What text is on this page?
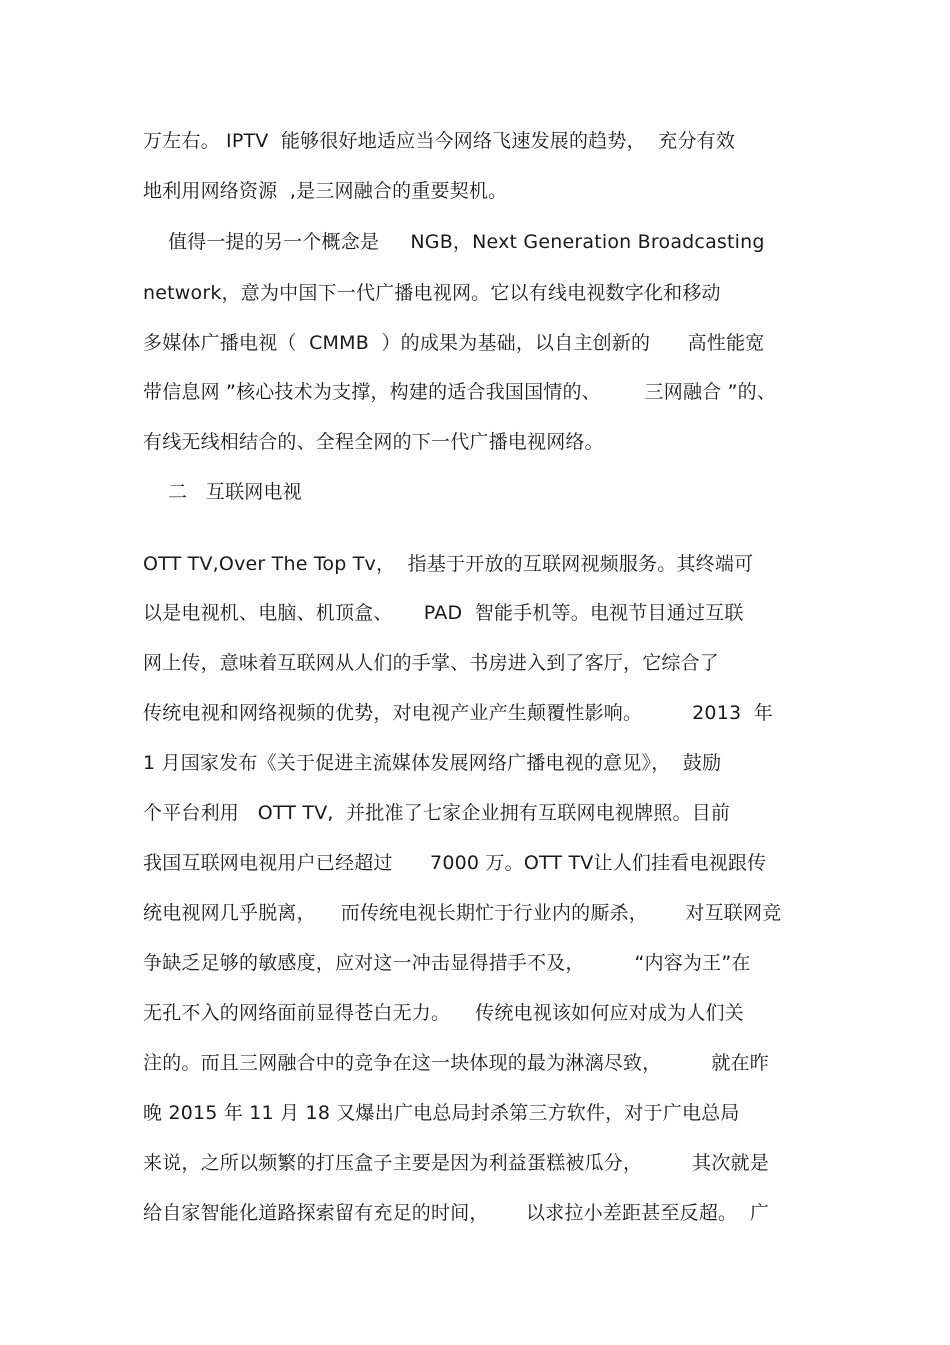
万左右。 IPTV  能够很好地适应当今网络飞速发展的趋势，  充分有效
地利用网络资源  ,是三网融合的重要契机。
值得一提的另一个概念是     NGB，Next Generation Broadcasting
network，意为中国下一代广播电视网。它以有线电视数字化和移动
多媒体广播电视（  CMMB  ）的成果为基础，以自主创新的      高性能宽
带信息网 ”核心技术为支撑，构建的适合我国国情的、       三网融合 ”的、
有线无线相结合的、全程全网的下一代广播电视网络。
二   互联网电视
OTT TV,Over The Top Tv，  指基于开放的互联网视频服务。其终端可
以是电视机、电脑、机顶盒、     PAD  智能手机等。电视节目通过互联
网上传，意味着互联网从人们的手掌、书房进入到了客厅，它综合了
传统电视和网络视频的优势，对电视产业产生颠覆性影响。        2013  年
1 月国家发布《关于促进主流媒体发展网络广播电视的意见》，  鼓励
个平台利用   OTT TV,  并批准了七家企业拥有互联网电视牌照。目前
我国互联网电视用户已经超过      7000 万。OTT TV让人们挂看电视跟传
统电视网几乎脱离，    而传统电视长期忙于行业内的厮杀，      对互联网竞
争缺乏足够的敏感度，应对这一冲击显得措手不及，        “内容为王”在
无孔不入的网络面前显得苍白无力。    传统电视该如何应对成为人们关
注的。而且三网融合中的竞争在这一块体现的最为淋漓尽致，        就在昨
晚 2015 年 11 月 18 又爆出广电总局封杀第三方软件，对于广电总局
来说，之所以频繁的打压盒子主要是因为利益蛋糕被瓜分，        其次就是
给自家智能化道路探索留有充足的时间，      以求拉小差距甚至反超。  广
